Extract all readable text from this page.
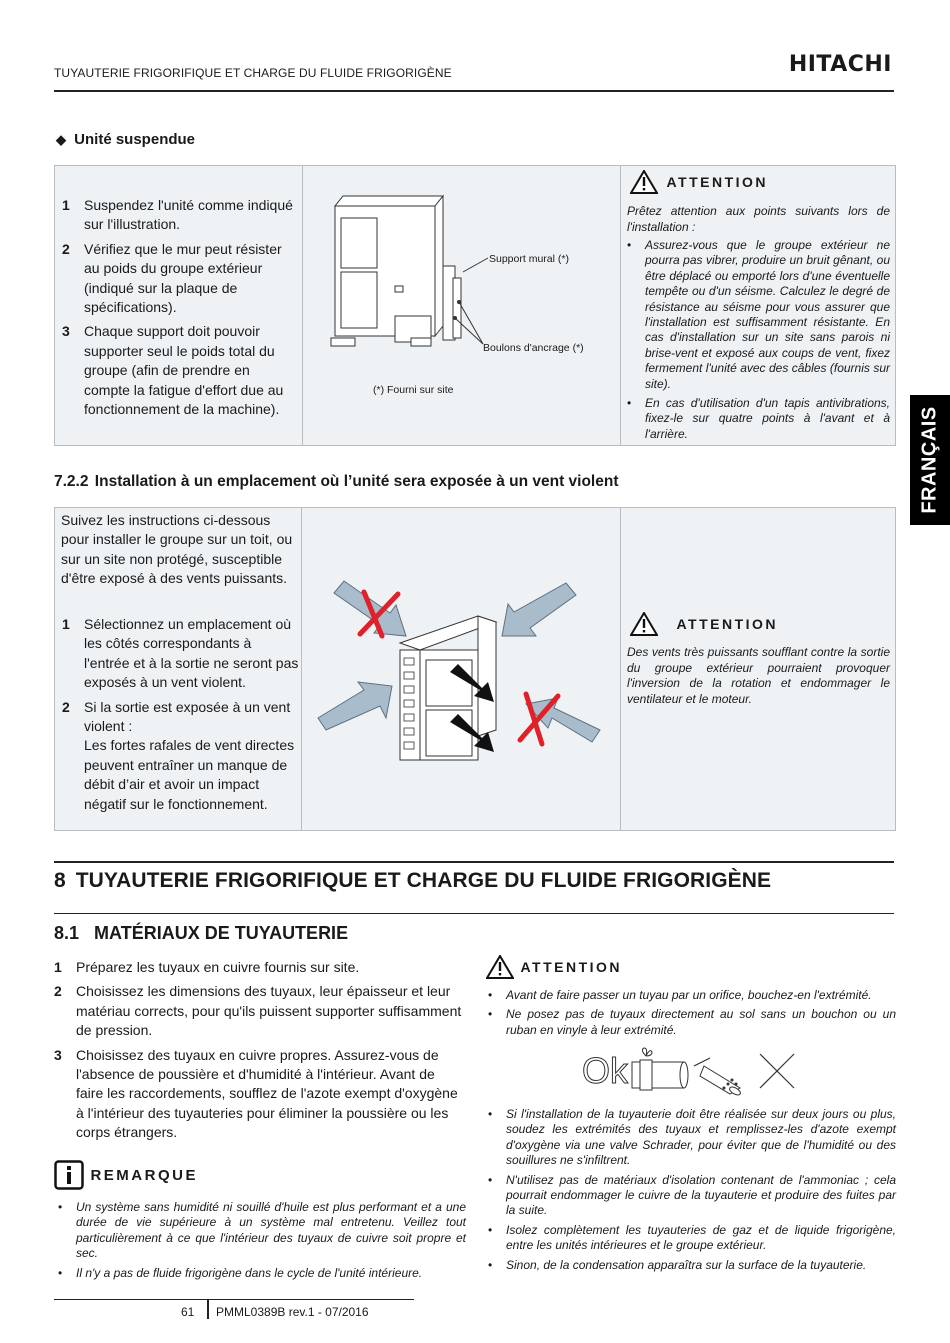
TUYAUTERIE FRIGORIFIQUE ET CHARGE DU FLUIDE FRIGORIGÈNE	HITACHI
FRANÇAIS
◆ Unité suspendue
1 Suspendez l'unité comme indiqué sur l'illustration.
2 Vérifiez que le mur peut résister au poids du groupe extérieur (indiqué sur la plaque de spécifications).
3 Chaque support doit pouvoir supporter seul le poids total du groupe (afin de prendre en compte la fatigue d'effort due au fonctionnement de la machine).
Support mural (*)
Boulons d'ancrage (*)
(*) Fourni sur site
ATTENTION
Prêtez attention aux points suivants lors de l'installation :
• Assurez-vous que le groupe extérieur ne pourra pas vibrer, produire un bruit gênant, ou être déplacé ou emporté lors d'une éventuelle tempête ou d'un séisme. Calculez le degré de résistance au séisme pour vous assurer que l'installation est suffisamment résistante. En cas d'installation sur un site sans parois ni brise-vent et exposé aux coups de vent, fixez fermement l'unité avec des câbles (fournis sur site).
• En cas d'utilisation d'un tapis antivibrations, fixez-le sur quatre points à l'avant et à l'arrière.
7.2.2 Installation à un emplacement où l’unité sera exposée à un vent violent
Suivez les instructions ci-dessous pour installer le groupe sur un toit, ou sur un site non protégé, susceptible d'être exposé à des vents puissants.
1 Sélectionnez un emplacement où les côtés correspondants à l'entrée et à la sortie ne seront pas exposés à un vent violent.
2 Si la sortie est exposée à un vent violent :
Les fortes rafales de vent directes peuvent entraîner un manque de débit d’air et avoir un impact négatif sur le fonctionnement.
ATTENTION
Des vents très puissants soufflant contre la sortie du groupe extérieur pourraient provoquer l'inversion de la rotation et endommager le ventilateur et le moteur.
8 TUYAUTERIE FRIGORIFIQUE ET CHARGE DU FLUIDE FRIGORIGÈNE
8.1 MATÉRIAUX DE TUYAUTERIE
1 Préparez les tuyaux en cuivre fournis sur site.
2 Choisissez les dimensions des tuyaux, leur épaisseur et leur matériau corrects, pour qu'ils puissent supporter suffisamment de pression.
3 Choisissez des tuyaux en cuivre propres. Assurez-vous de l'absence de poussière et d'humidité à l'intérieur. Avant de faire les raccordements, soufflez de l'azote exempt d'oxygène à l'intérieur des tuyauteries pour éliminer la poussière ou les corps étrangers.
REMARQUE
• Un système sans humidité ni souillé d'huile est plus performant et a une durée de vie supérieure à un système mal entretenu. Veillez tout particulièrement à ce que l'intérieur des tuyaux de cuivre soit propre et sec.
• Il n'y a pas de fluide frigorigène dans le cycle de l'unité intérieure.
ATTENTION
• Avant de faire passer un tuyau par un orifice, bouchez-en l'extrémité.
• Ne posez pas de tuyaux directement au sol sans un bouchon ou un ruban en vinyle à leur extrémité.
Ok
• Si l'installation de la tuyauterie doit être réalisée sur deux jours ou plus, soudez les extrémités des tuyaux et remplissez-les d'azote exempt d'oxygène via une valve Schrader, pour éviter que de l'humidité ou des souillures ne s'infiltrent.
• N'utilisez pas de matériaux d'isolation contenant de l'ammoniac ; cela pourrait endommager le cuivre de la tuyauterie et produire des fuites par la suite.
• Isolez complètement les tuyauteries de gaz et de liquide frigorigène, entre les unités intérieures et le groupe extérieur.
• Sinon, de la condensation apparaîtra sur la surface de la tuyauterie.
61 PMML0389B rev.1 - 07/2016
